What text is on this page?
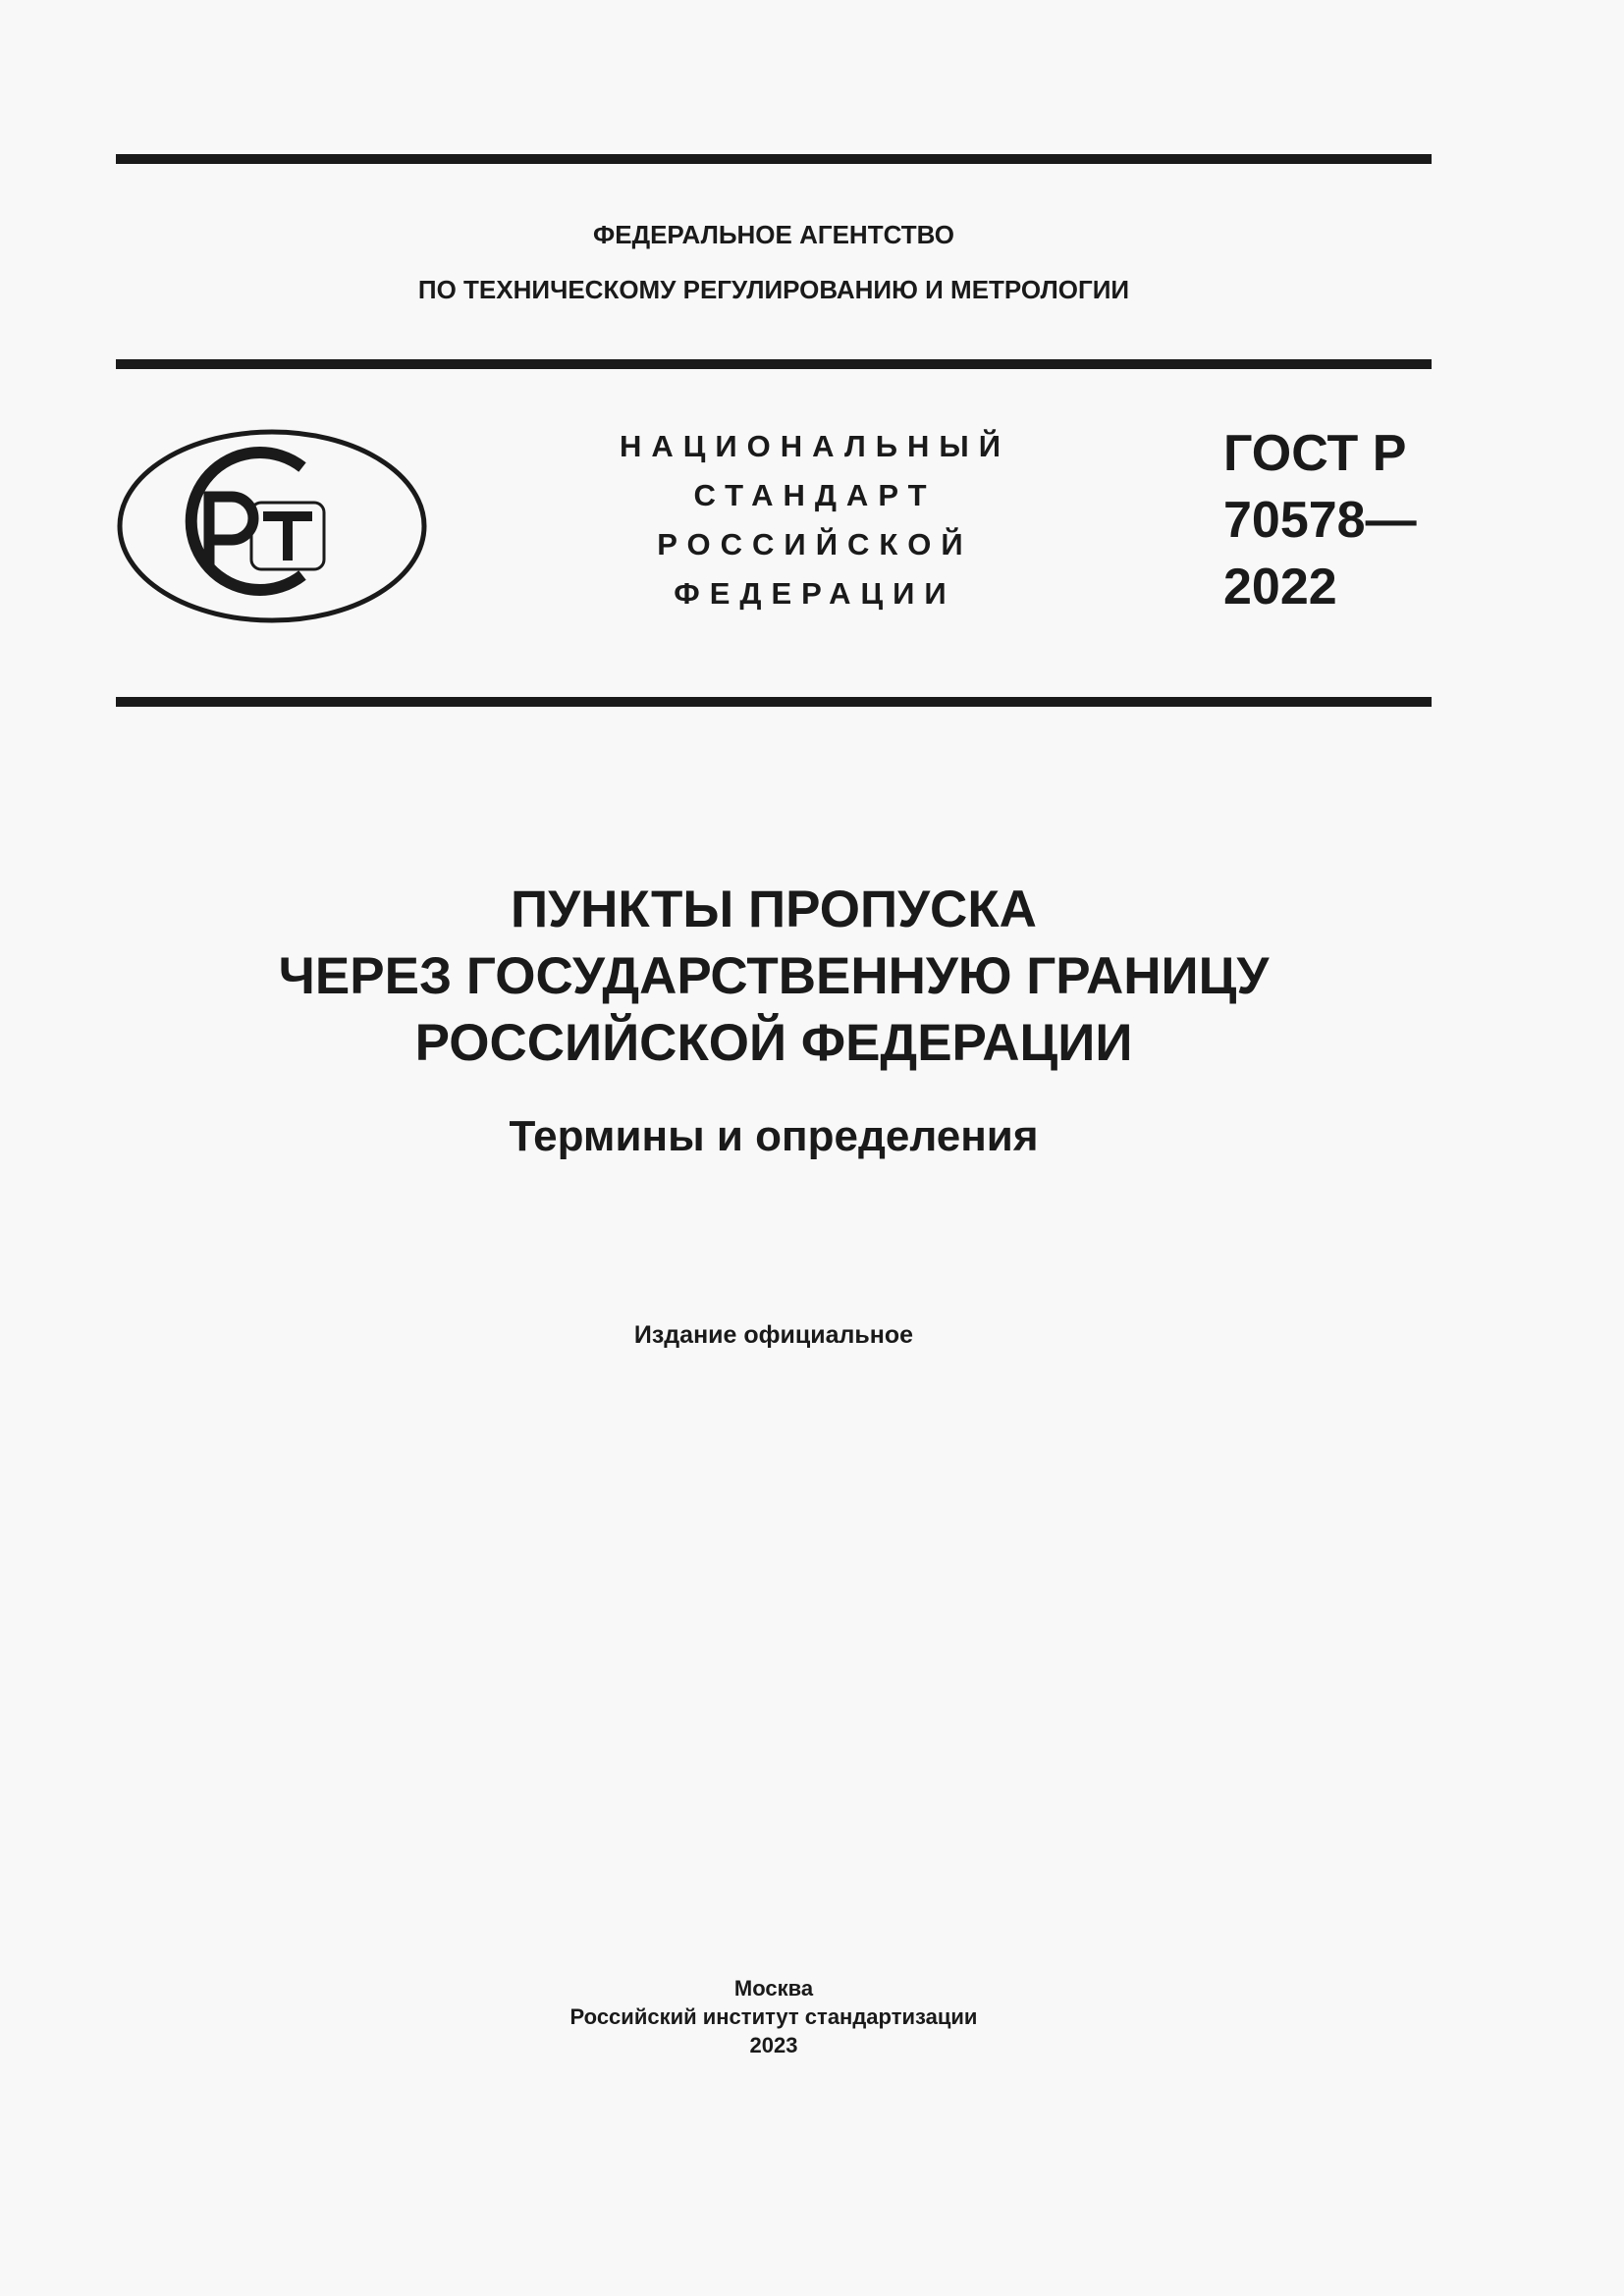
ФЕДЕРАЛЬНОЕ АГЕНТСТВО
ПО ТЕХНИЧЕСКОМУ РЕГУЛИРОВАНИЮ И МЕТРОЛОГИИ
НАЦИОНАЛЬНЫЙ
СТАНДАРТ
РОССИЙСКОЙ
ФЕДЕРАЦИИ
ГОСТ Р
70578—
2022
ПУНКТЫ ПРОПУСКА
ЧЕРЕЗ ГОСУДАРСТВЕННУЮ ГРАНИЦУ
РОССИЙСКОЙ ФЕДЕРАЦИИ
Термины и определения
Издание официальное
Москва
Российский институт стандартизации
2023
